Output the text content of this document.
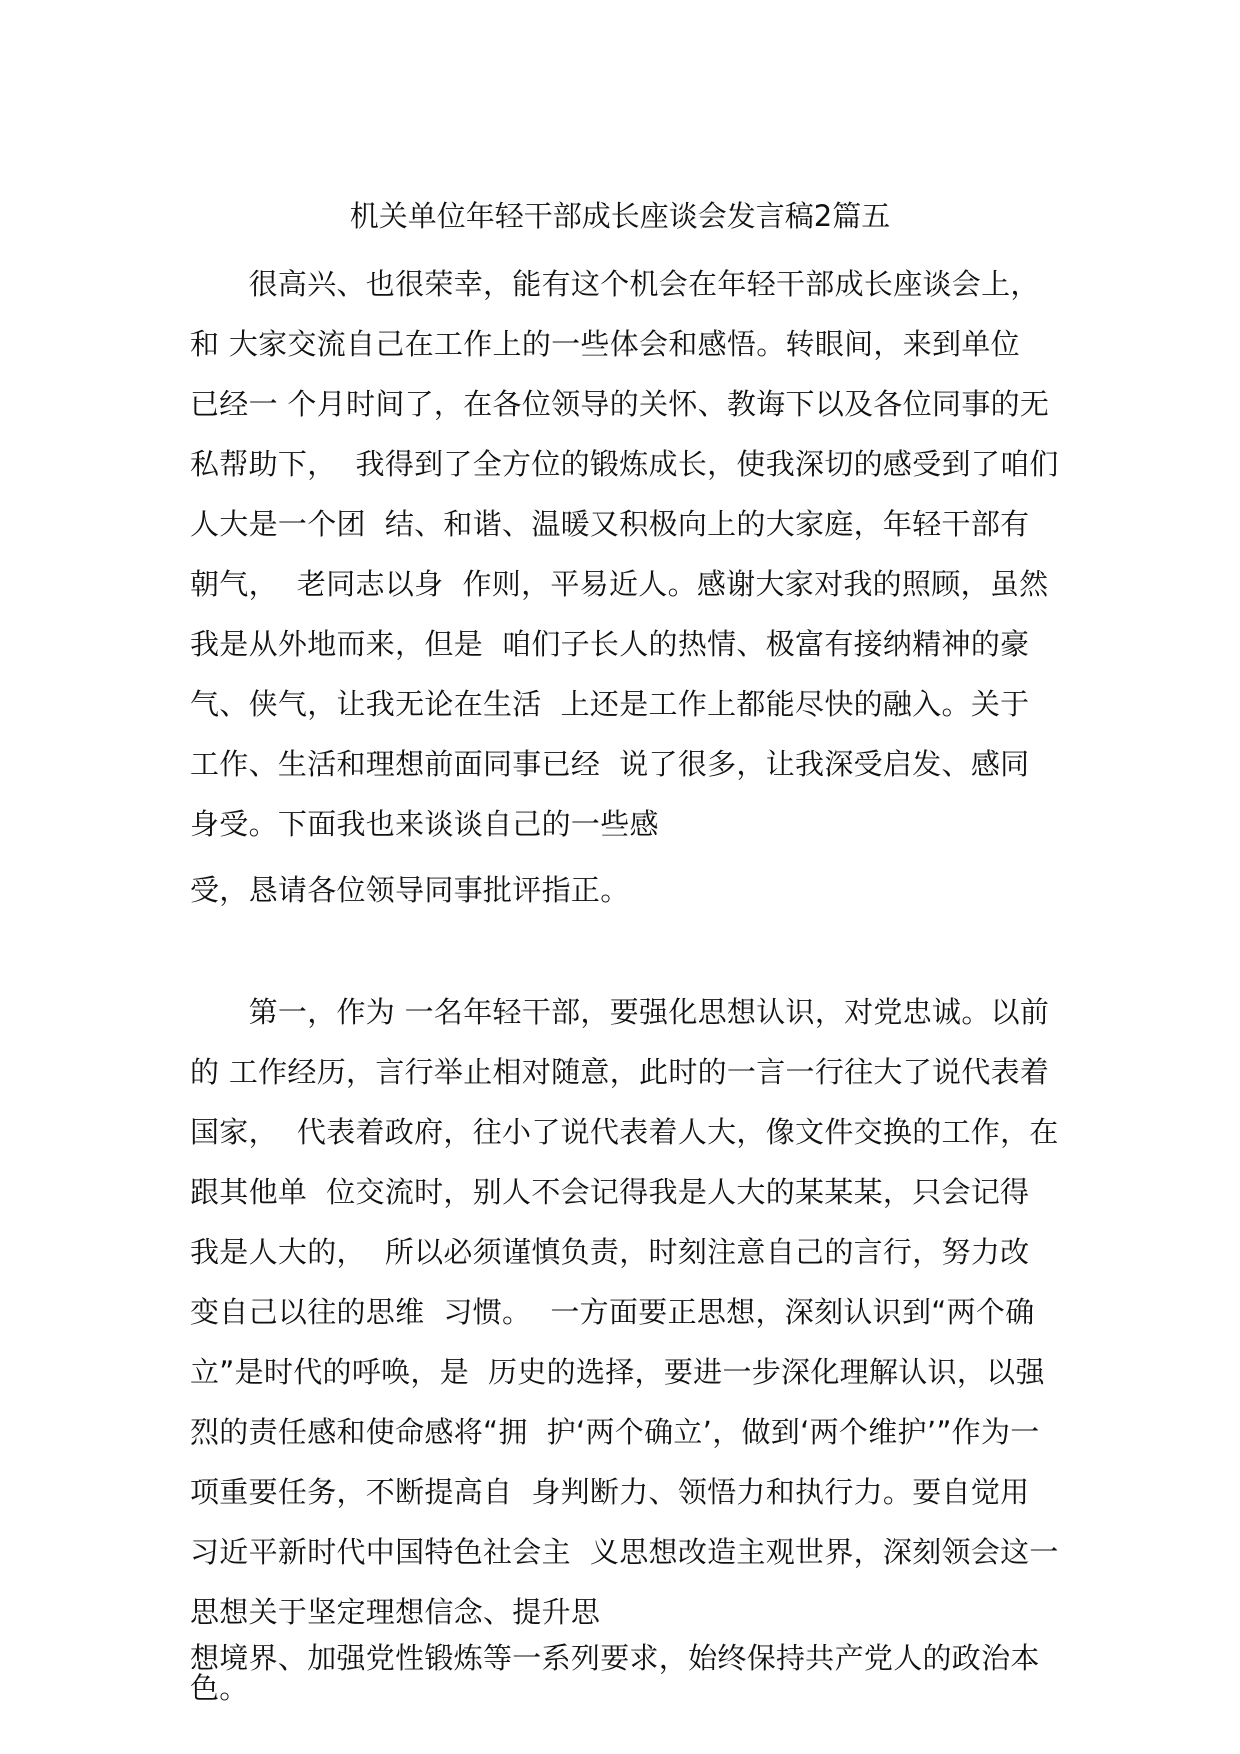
机关单位年轻干部成长座谈会发言稿2篇五
　　很高兴、也很荣幸，能有这个机会在年轻干部成长座谈会上，
和 大家交流自己在工作上的一些体会和感悟。转眼间，来到单位
已经一 个月时间了，在各位领导的关怀、教诲下以及各位同事的无
私帮助下，  我得到了全方位的锻炼成长，使我深切的感受到了咱们
人大是一个团  结、和谐、温暖又积极向上的大家庭，年轻干部有
朝气，  老同志以身  作则，平易近人。感谢大家对我的照顾，虽然
我是从外地而来，但是  咱们子长人的热情、极富有接纳精神的豪
气、侠气，让我无论在生活  上还是工作上都能尽快的融入。关于
工作、生活和理想前面同事已经  说了很多，让我深受启发、感同
身受。下面我也来谈谈自己的一些感
受，恳请各位领导同事批评指正。
　　第一，作为 一名年轻干部，要强化思想认识，对党忠诚。以前
的 工作经历，言行举止相对随意，此时的一言一行往大了说代表着
国家，  代表着政府，往小了说代表着人大，像文件交换的工作，在
跟其他单  位交流时，别人不会记得我是人大的某某某，只会记得
我是人大的，  所以必须谨慎负责，时刻注意自己的言行，努力改
变自己以往的思维  习惯。  一方面要正思想，深刻认识到“两个确
立”是时代的呼唤，是  历史的选择，要进一步深化理解认识，以强
烈的责任感和使命感将“拥  护‘两个确立’，做到‘两个维护’”作为一
项重要任务，不断提高自  身判断力、领悟力和执行力。要自觉用
习近平新时代中国特色社会主  义思想改造主观世界，深刻领会这一
思想关于坚定理想信念、提升思
想境界、加强党性锻炼等一系列要求，始终保持共产党人的政治本
色。
